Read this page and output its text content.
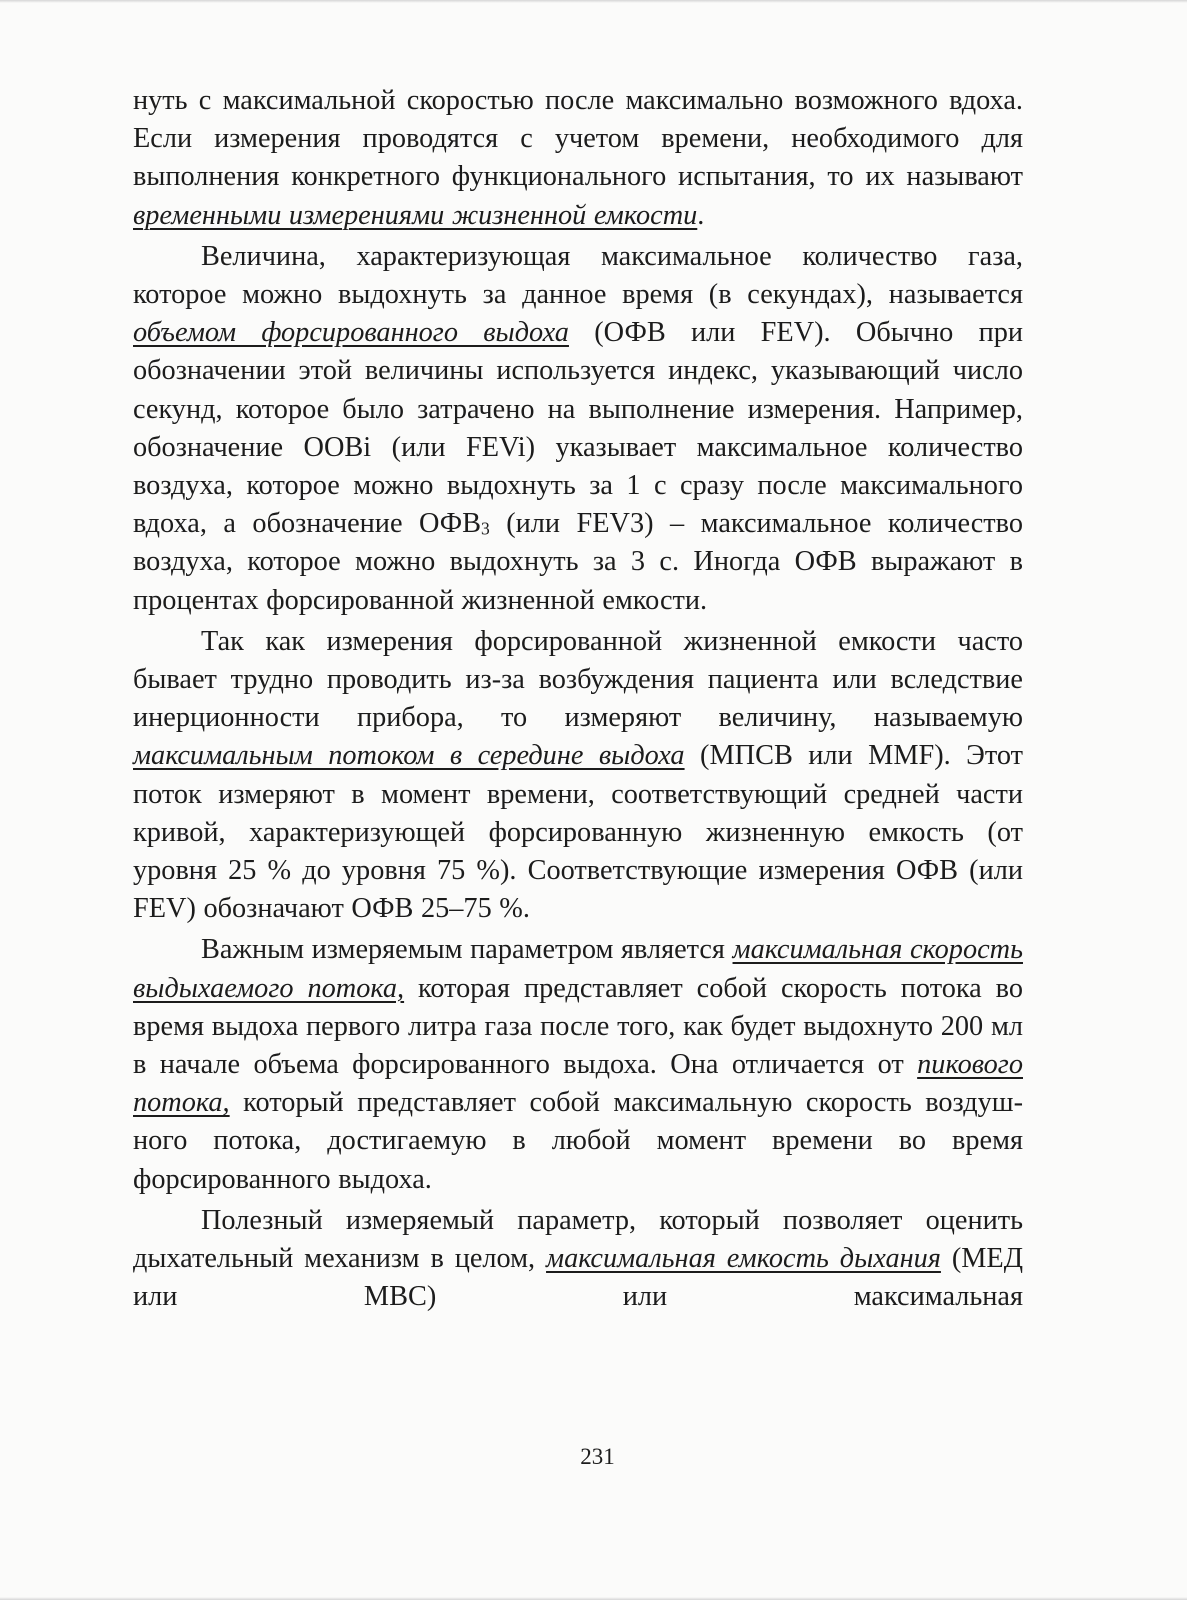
нуть с максимальной скоростью после максимально возможного вдоха. Если измерения проводятся с учетом времени, необходимого для выполнения конкретного функционального испытания, то их называют временными измерениями жизненной емкости.

Величина, характеризующая максимальное количество газа, которое можно выдохнуть за данное время (в секундах), называется объемом форсированного выдоха (ОФВ или FEV). Обычно при обозначении этой величины используется индекс, указывающий число секунд, которое было затрачено на выполнение измерения. Например, обозначение OOBi (или FEVi) указывает максимальное количество воздуха, которое можно выдохнуть за 1 с сразу после максимального вдоха, а обозначение $ОФВ_3$ (или FEV3) – максимальное количество воздуха, которое можно выдохнуть за 3 с. Иногда ОФВ выражают в процентах форсированной жизненной емкости.

Так как измерения форсированной жизненной емкости часто бывает трудно проводить из-за возбуждения пациента или вследствие инерционности прибора, то измеряют величину, называемую максимальным потоком в середине выдоха (МПСВ или MMF). Этот поток измеряют в момент времени, соответствующий средней части кривой, характеризующей форсированную жизненную емкость (от уровня 25 % до уровня 75 %). Соответствующие измерения ОФВ (или FEV) обозначают ОФВ 25–75 %.

Важным измеряемым параметром является максимальная скорость выдыхаемого потока, которая представляет собой скорость потока во время выдоха первого литра газа после того, как будет выдохнуто 200 мл в начале объема форсированного выдоха. Она отличается от пикового потока, который представляет собой максимальную скорость воздушного потока, достигаемую в любой момент времени во время форсированного выдоха.

Полезный измеряемый параметр, который позволяет оценить дыхательный механизм в целом, максимальная емкость дыхания (МЕД или МВС) или максимальная

231
